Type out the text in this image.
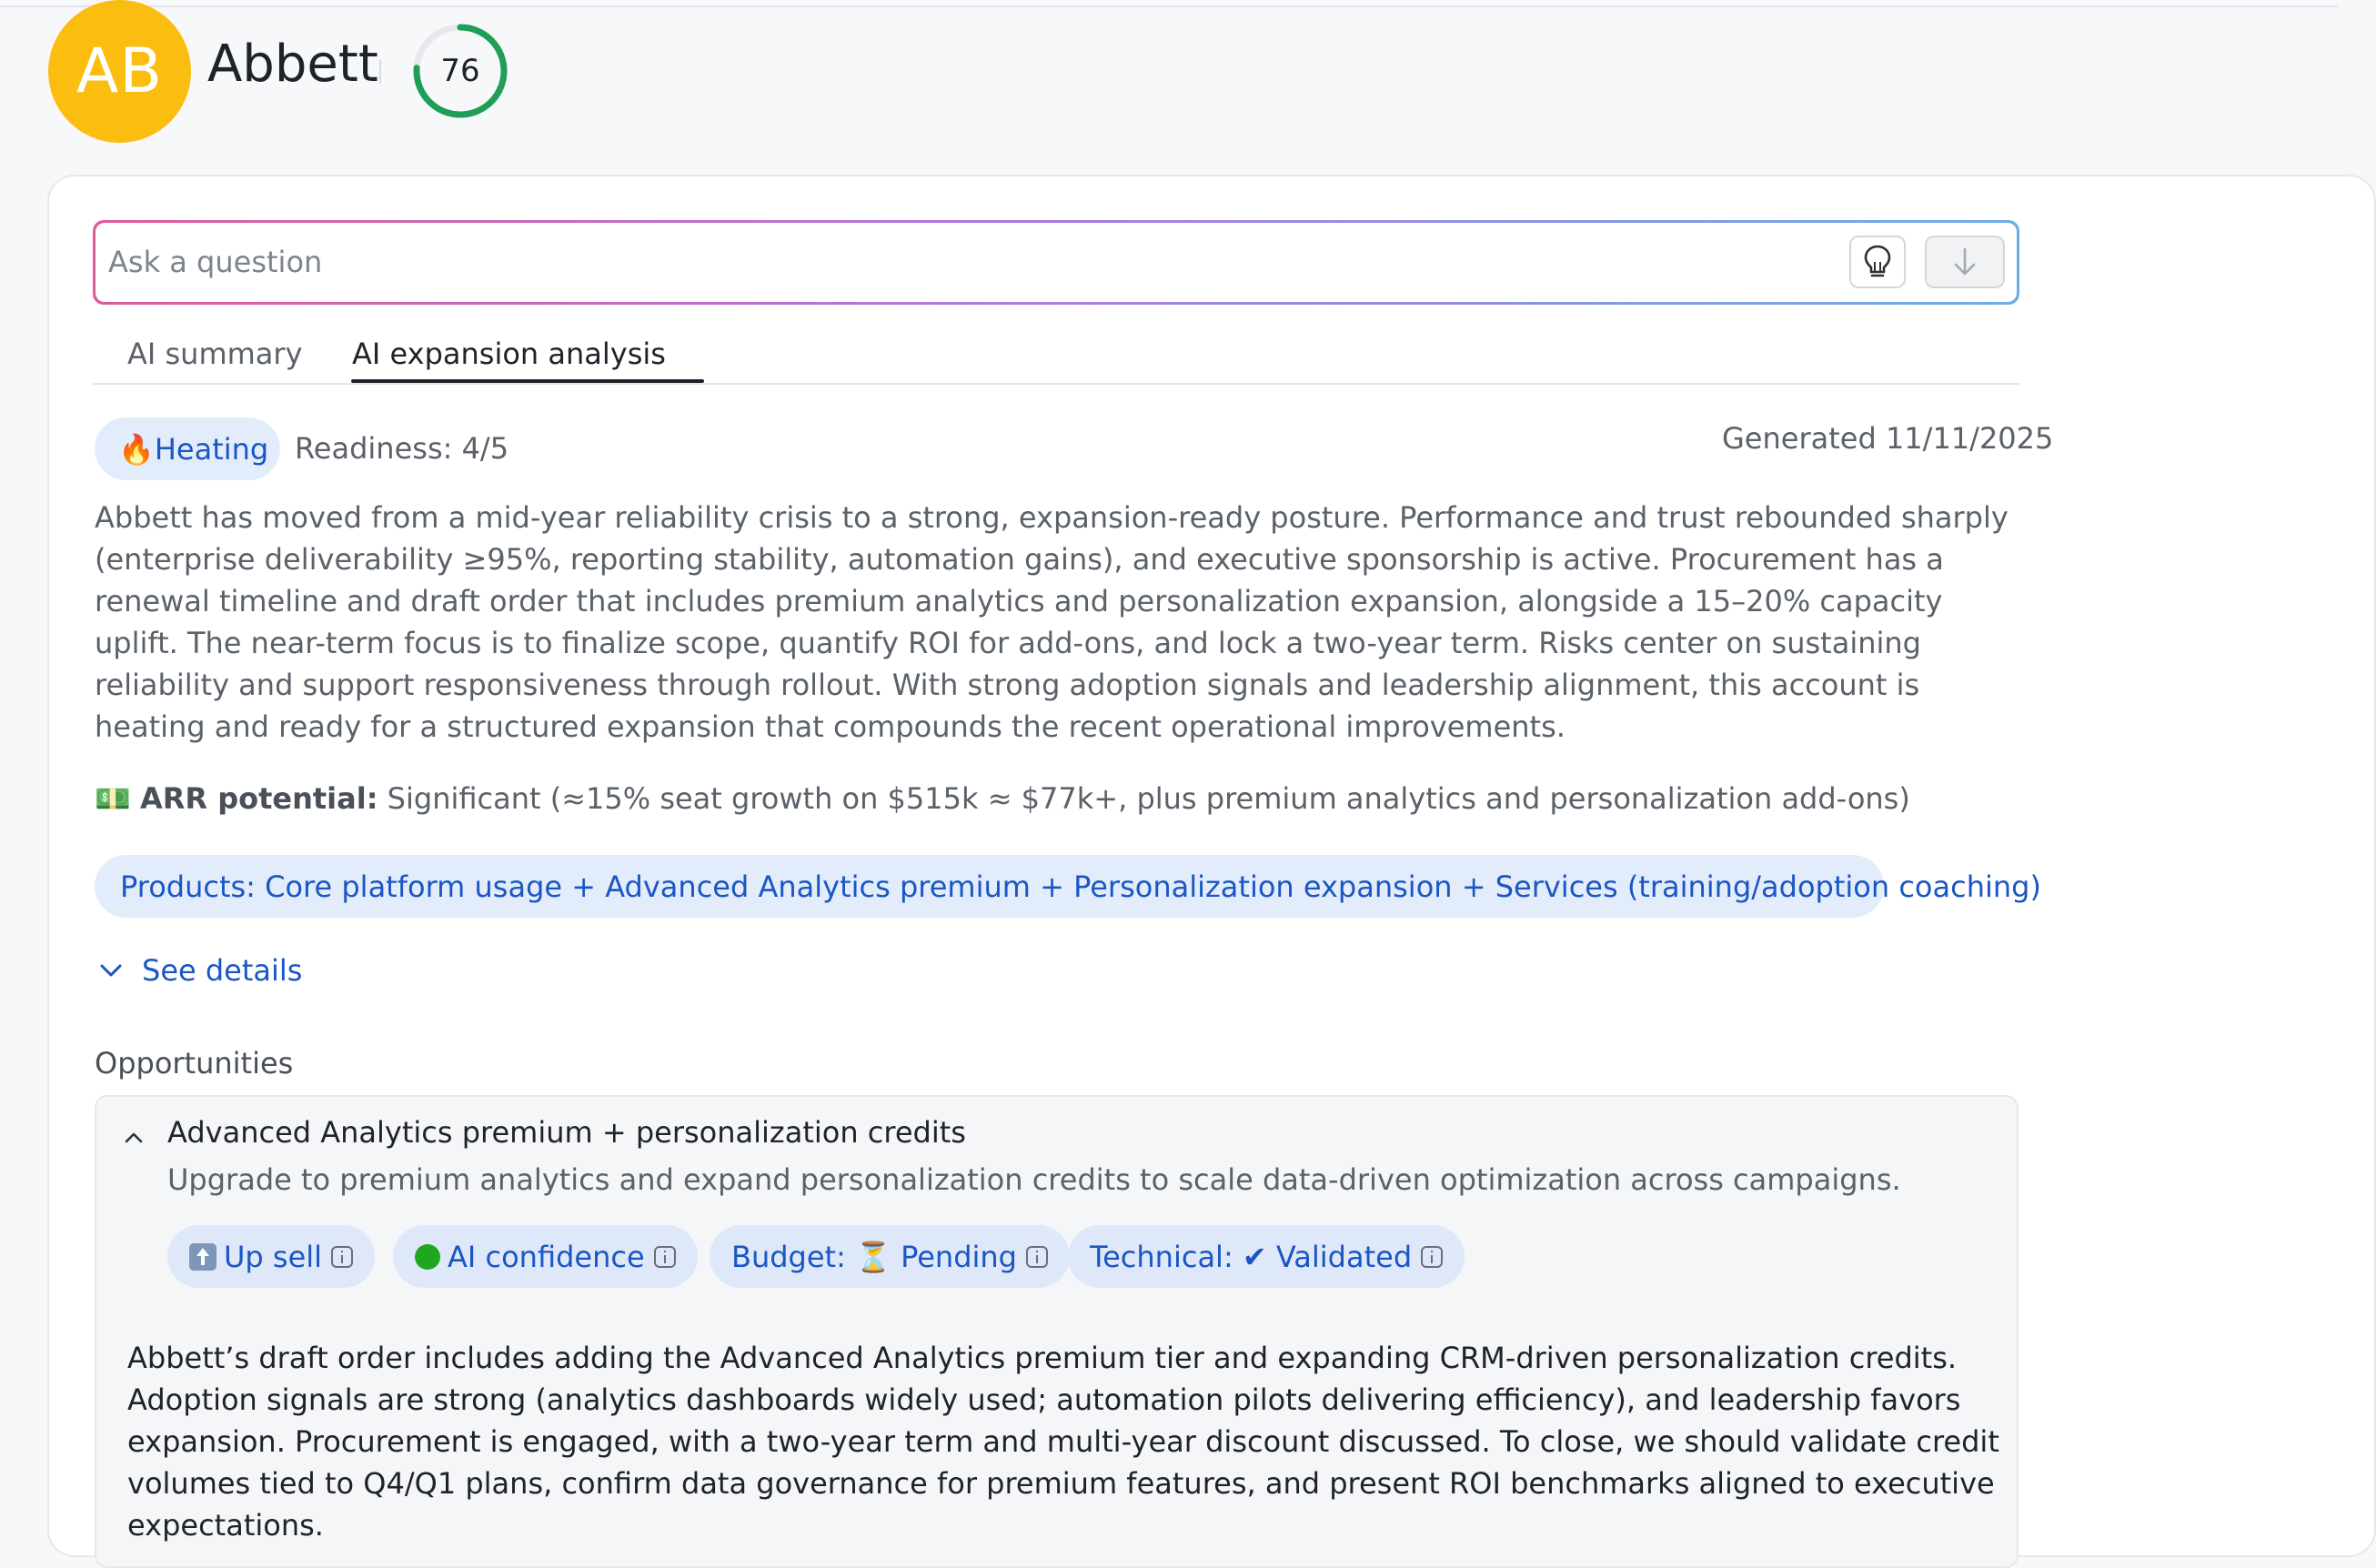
AB Abbett	76
Ask a question
AI summary AI expansion analysis
🔥Heating Readiness: 4/5	Generated 11/11/2025
Abbett has moved from a mid-year reliability crisis to a strong, expansion-ready posture. Performance and trust rebounded sharply (enterprise deliverability ≥95%, reporting stability, automation gains), and executive sponsorship is active. Procurement has a renewal timeline and draft order that includes premium analytics and personalization expansion, alongside a 15–20% capacity uplift. The near-term focus is to finalize scope, quantify ROI for add-ons, and lock a two-year term. Risks center on sustaining reliability and support responsiveness through rollout. With strong adoption signals and leadership alignment, this account is heating and ready for a structured expansion that compounds the recent operational improvements.
💵 ARR potential: Significant (≈15% seat growth on $515k ≈ $77k+, plus premium analytics and personalization add-ons)
Products: Core platform usage + Advanced Analytics premium + Personalization expansion + Services (training/adoption coaching)
See details
Opportunities
Advanced Analytics premium + personalization credits
Upgrade to premium analytics and expand personalization credits to scale data-driven optimization across campaigns.
Up sell	AI confidence	Budget: ⏳ Pending	Technical: ✔ Validated
Abbett’s draft order includes adding the Advanced Analytics premium tier and expanding CRM-driven personalization credits. Adoption signals are strong (analytics dashboards widely used; automation pilots delivering efficiency), and leadership favors expansion. Procurement is engaged, with a two-year term and multi-year discount discussed. To close, we should validate credit volumes tied to Q4/Q1 plans, confirm data governance for premium features, and present ROI benchmarks aligned to executive expectations.
